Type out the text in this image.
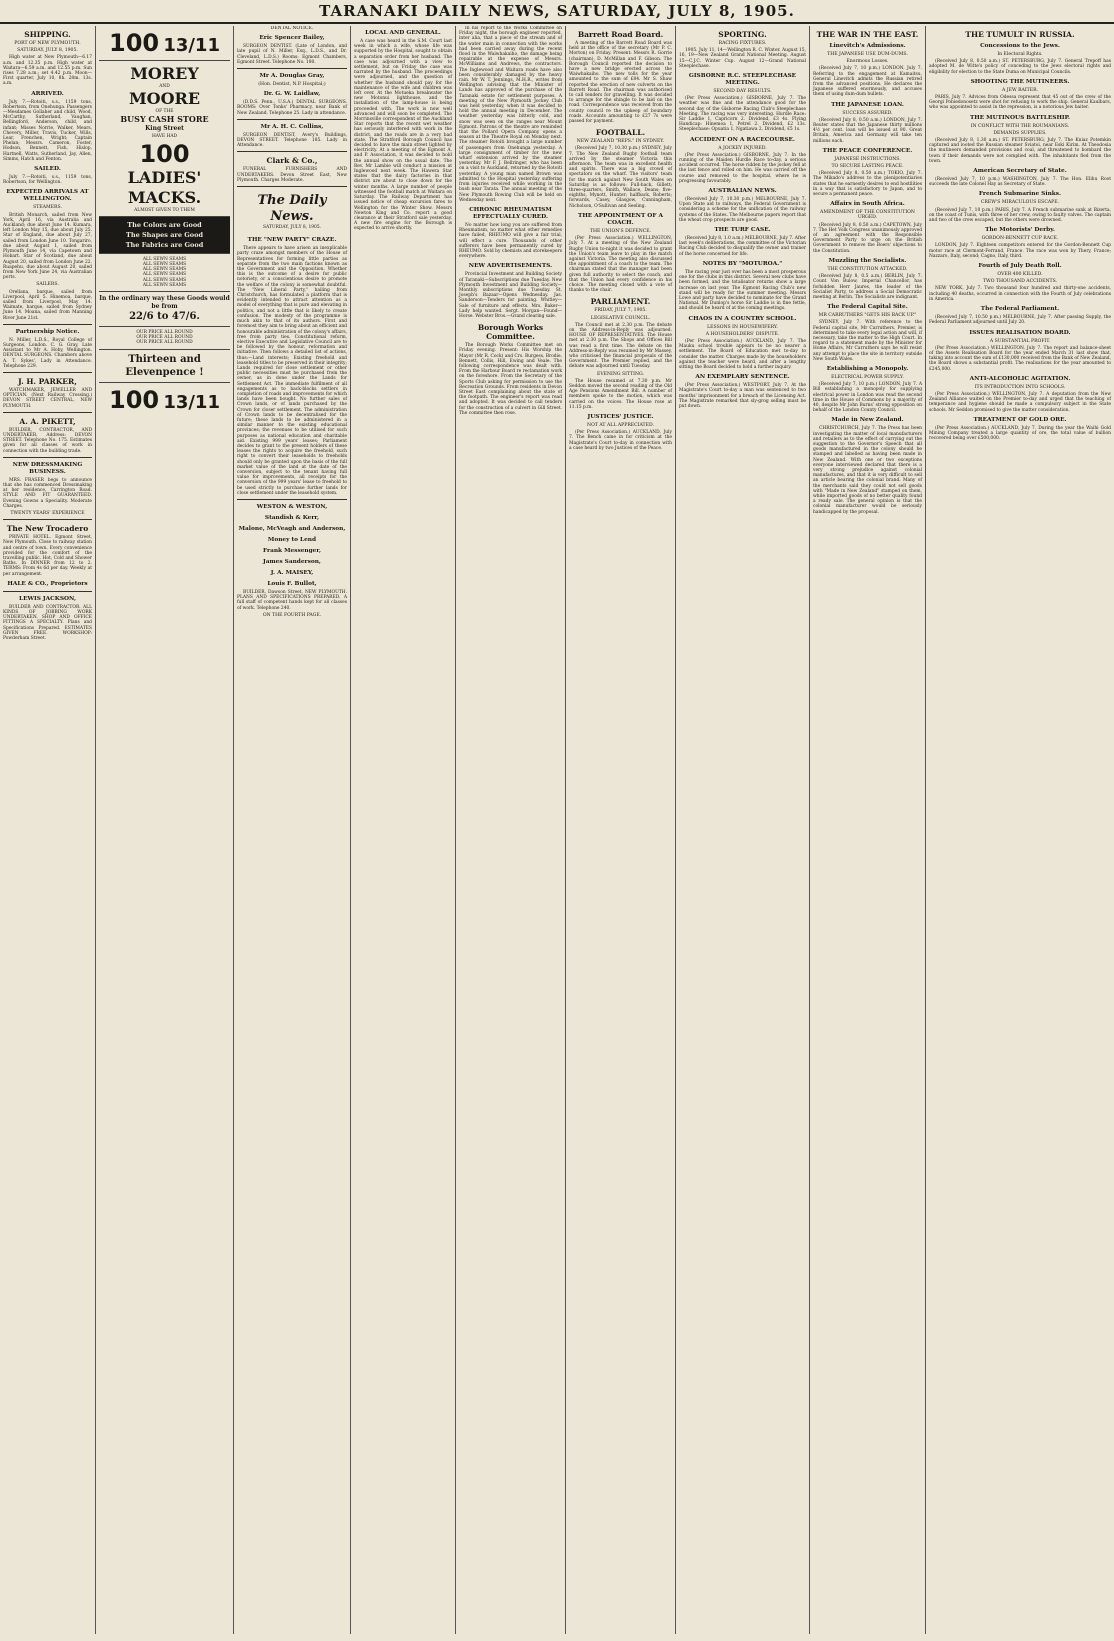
TARANAKI DAILY NEWS, SATURDAY, JULY 8, 1905.

SHIPPING.

PORT OF NEW PLYMOUTH.

SATURDAY, JULY 8, 1905.

High water at New Plymouth—6.17 a.m. and 12.35 p.m. High water at Waitara—6.59 a.m. and 12.55 p.m. Sun rises 7.28 a.m.; set 4.42 p.m. Moon—First quarter, July 10, 8h. 28m. 13s. a.m.

ARRIVED.

July 7.—Rotoiti, s.s., 1159 tons, Robertson, from Onehunga. Passengers—Mesdames Gollaher and child, Wood, McCarthy, Sutherland, Vaughan, Bellingford, Anderson, child, and infant; Misses Norrie, Walker, Mears, Chevery, Miller, Travis, Tucker, Wills, Lear, Frenchen, Wright; Captain Phelan; Messrs. Cameron, Foster, Hodson, Bennett, Fish, Hislop, Hartnell, Watts, Sutherland, Jay, Allen, Simms, Hatch and Fenton.

SAILED.

July 7.—Rotoiti, s.s., 1159 tons, Robertson, for Wellington.

EXPECTED ARRIVALS AT WELLINGTON.

STEAMERS.

British Monarch, sailed from New York, April 16, via Australia and Auckland; due about June 14. Kumara, left London May 15, due about July 25. Star of England, due about July 27, sailed from London June 10. Tongariro, due about August 1, sailed from Plymouth June 14, via Capetown and Hobart. Star of Scotland, due about August 20, sailed from London June 22. Ruapehu, due about August 20, sailed from New York June 24, via Australian ports.

SAILERS.

Orellana, barque, sailed from Liverpool, April 5. Hinemoa, barque, sailed from Liverpool, May 14. Waimate, barque, sailed from Sydney June 14. Moana, sailed from Manning River June 21st.

Partnership Notice.

N. Miller, L.D.S., Royal College of Surgeons, London. C. G. Gray, Late Assistant to Mr A. Hoby, Wellington. DENTAL SURGEONS. Chambers above A. T. Sykes', Lady in Attendance. Telephone 229.

J. H. PARKER,

WATCHMAKER, JEWELLER AND OPTICIAN. (Next Railway Crossing.) DEVON STREET CENTRAL, NEW PLYMOUTH.

A. A. PIKETT,

BUILDER, CONTRACTOR, AND UNDERTAKER. Address: DEVON STREET. Telephone No. 175. Estimates given for all classes of work in connection with the building trade.

NEW DRESSMAKING BUSINESS.

MRS. FRASER begs to announce that she has commenced Dressmaking at her residence, Carrington Road. STYLE AND FIT GUARANTEED. Evening Gowns a Speciality. Moderate Charges.

TWENTY YEARS' EXPERIENCE

The New Trocadero

PRIVATE HOTEL. Egmont Street, New Plymouth. Close to railway station and centre of town. Every convenience provided for the comfort of the travelling public. Hot, Cold and Shower Baths. In DINNER from 12 to 2. TERMS: From 4s 6d per day. Weekly at per arrangement.

HALE & CO., Proprietors

LEWIS JACKSON,

BUILDER AND CONTRACTOR. ALL KINDS OF JOBBING WORK UNDERTAKEN. SHOP AND OFFICE FITTINGS A SPECIALTY. Plans and Specifications Prepared. ESTIMATES GIVEN FREE. WORKSHOP: Powderham Street.

100 13/11
MOREY
AND
MOORE
OF THE
BUSY CASH STORE
King Street
HAVE HAD
100
LADIES'
MACKS.
ALMOST GIVEN TO THEM
The Colors are Good
The Shapes are Good
The Fabrics are Good
ALL SEWN SEAMS
ALL SEWN SEAMS
ALL SEWN SEAMS
ALL SEWN SEAMS
ALL SEWN SEAMS
ALL SEWN SEAMS
In the ordinary way these Goods would be from
22/6 to 47/6.
OUR PRICE ALL ROUND
OUR PRICE ALL ROUND
OUR PRICE ALL ROUND
Thirteen and Elevenpence !
100 13/11

DENTAL NOTICE.

Eric Spencer Bailey,

SURGEON DENTIST. (Late of London, and late pupil of N. Miller, Esq., L.D.S., and Dr. Cleveland, L.D.S.) Rooms: Egmont Chambers, Egmont Street. Telephone No. 180.

Mr A. Douglas Gray,

(Hon. Dentist, N.P. Hospital;)

Dr. G. W. Laidlaw,

(D.D.S. Penn., U.S.A.) DENTAL SURGEONS. ROOMS: Over Tonks' Pharmacy, near Bank of New Zealand. Telephone 25. Lady in attendance.

Mr A. H. C. Collins,

SURGEON DENTIST, Avery's Buildings, DEVON STREET. Telephone 185. Lady in Attendance.

Clark & Co.,

FUNERAL FURNISHERS AND UNDERTAKERS. Devon Street East, New Plymouth. Charges Moderate.

The Daily News.
SATURDAY, JULY 8, 1905.

THE "NEW PARTY" CRAZE.

There appears to have arisen an inexplicable party craze amongst members of the House of Representatives for forming little parties as separate from the two main factions known as the Government and the Opposition. Whether this is the outcome of a desire for public notoriety, or a conscientious desire to promote the welfare of the colony is somewhat doubtful. The "New Liberal Party," hailing from Christchurch, has formulated a platform that is evidently intended to attract attention as a model of everything that is pure and elevating in politics, and not a little that is likely to create confusion. The modesty of the programme is much akin to that of its authors. First and foremost they aim to bring about an efficient and honourable administration of the colony's affairs, free from party ties. Constitutional reform, elective Executive and Legislative Council are to be followed by the honour, reformation and initiative. Then follows a detailed list of actions, thus:—Land interests; Existing freehold and leasehold titles to be preserved in their integrity; Lands required for close settlement or other public necessities must be purchased from the owner, as in done under the Lands for Settlement Act. The immediate fulfilment of all engagements as to back-blocks settlers in completion of roads and improvements for which lands have been bought. No further sales of Crown lands, or of lands purchased by the Crown for closer settlement. The administration of Crown lands to be decentralised for the future; these lands to be administered in a similar manner to the existing educational provinces; the revenues to be utilised for such purposes as national education and charitable aid. Existing 999 years' leases; Parliament decides to grant to the present holders of these leases the rights to acquire the freehold, such right to convert their leaseholds to freeholds should only be granted upon the basis of the full market value of the land at the date of the conversion, subject to the tenant having full value for improvements, all receipts for the conversion of the 999 years' lease to freehold to be used strictly to purchase further lands for close settlement under the leasehold system.

WESTON & WESTON,

Standish & Kerr,

Malone, McVeagh and Anderson,

Money to Lend

Frank Messenger,

James Sanderson,

J. A. MAISEY,

Louis F. Bullot,

BUILDER, Dawson Street, NEW PLYMOUTH. PLANS AND SPECIFICATIONS PREPARED. A full staff of competent hands kept for all classes of work. Telephone 240.

ON THE FOURTH PAGE.

LOCAL AND GENERAL.

A case was heard in the S.M. Court last week in which a wife, whose life was supported by the Hospital, sought to obtain a separation order from her husband. The case was adjourned with a view to settlement, but on Friday the case was narrated by the husband. The proceedings were adjourned, and the question of whether the husband should pay for the maintenance of the wife and children was left over. At the Motueka breakwater the new Motonui lighthouse, and the installation of the lamp-house is being proceeded with. The work is now well advanced and will soon be completed. The Morrinsville correspondent of the Auckland Star reports that the recent wet weather has seriously interfered with work in the district, and the roads are in a very bad state. The Stratford Borough Council has decided to have the main street lighted by electricity. At a meeting of the Egmont A. and P. Association, it was decided to hold the annual show on the usual date. The Rev. Mr Lambie will conduct a mission at Inglewood next week. The Hawera Star states that the dairy factories in that district are about to close down for the winter months. A large number of people witnessed the football match at Waitara on Saturday. The Railway Department has issued notice of cheap excursion fares to Wellington for the Winter Show. Messrs Newton King and Co. report a good clearance at their Stratford sale yesterday. A new fire engine for the Borough is expected to arrive shortly.

In his report to the Works Committee on Friday night, the borough engineer reported, inter alia, that a piece of the stream and of the water main in connection with the works had been carried away during the recent flood in the Waiwhakaiho, the damage being repairable at the expense of Messrs. McWilliams and Andrews, the contractors. The Inglewood and Waitara roads have also been considerably damaged by the heavy rain. Mr W. T. Jennings, M.H.R., writes from Wellington advising that the Minister of Lands has approved of the purchase of the Taranaki estate for settlement purposes. A meeting of the New Plymouth Jockey Club was held yesterday, when it was decided to hold the annual meeting in December. The weather yesterday was bitterly cold, and snow was seen on the ranges near Mount Egmont. Patrons of the theatre are reminded that the Pollard Opera Company opens a season at the Theatre Royal on Monday next. The steamer Rotoiti brought a large number of passengers from Onehunga yesterday. A large consignment of timber for the new wharf extension arrived by the steamer yesterday. Mr F. J. Bellringer, who has been on a visit to Auckland, returned by the Rotoiti yesterday. A young man named Brown was admitted to the Hospital yesterday suffering from injuries received while working in the bush near Tarata. The annual meeting of the New Plymouth Rowing Club will be held on Wednesday next.

CHRONIC RHEUMATISM EFFECTUALLY CURED.

No matter how long you are suffered from Rheumatism, no matter what other remedies have failed, RHEUMO will give a fair trial, will effect a cure. Thousands of other sufferers have been permanently cured by RHEUMO. Sold by chemists and storekeepers everywhere.

NEW ADVERTISEMENTS.

Provincial Investment and Building Society of Taranaki—Subscriptions due Tuesday. New Plymouth Investment and Building Society—Monthly subscriptions due Tuesday. St. Joseph's Bazaar—Opens Wednesday. Jas. Sanderson—Tenders for painting. Whitley—Sale of furniture and effects. Mrs. Baker—Lady help wanted. Sergt. Morgan—Found—Horse. Webster Bros.—Grand clearing sale.

Borough Works Committee.

The Borough Works Committee met on Friday evening. Present: His Worship the Mayor (Mr R. Cock) and Crs. Burgess, Brodie, Bennett, Collis, Hill, Ewing and Veale. The following correspondence was dealt with. From the Harbour Board re reclamation work on the foreshore. From the Secretary of the Sports Club asking for permission to use the Recreation Grounds. From residents in Devon Street East complaining about the state of the footpath. The engineer's report was read and adopted. It was decided to call tenders for the construction of a culvert in Gill Street. The committee then rose.

Barrett Road Board.

A meeting of the Barrett Road Board was held at the office of the secretary (Mr P. C. Morton) on Friday. Present: Messrs R. Gorrie (chairman), D. McMillan and F. Gibson. The Borough Council reported the decision to have a new bridge erected across the Waiwhakaiho. The new tolls for the year amounted to the sum of £84. Mr S. Shaw reported the erection of new culverts on the Barrett Road. The chairman was authorised to call tenders for gravelling. It was decided to arrange for the shingle to be laid on the road. Correspondence was received from the county council re the upkeep of boundary roads. Accounts amounting to £27 7s were passed for payment.

FOOTBALL.

NEW ZEALAND "REPS." IN SYDNEY.

(Received July 7, 10.30 p.m.) SYDNEY, July 7. The New Zealand Rugby football team arrived by the steamer Victoria this afternoon. The team was in excellent health and spirits. There was a big crowd of spectators on the wharf. The visitors' team for the match against New South Wales on Saturday is as follows: Full-back, Gillett; three-quarters, Smith, Wallace, Deans; five-eighths, Mynott, Hunter; halfback, Roberts; forwards, Casey, Glasgow, Cunningham, Nicholson, O'Sullivan and Seeling.

THE APPOINTMENT OF A COACH.

THE UNION'S DEFENCE.

(Per Press Association.) WELLINGTON, July 7. At a meeting of the New Zealand Rugby Union to-night it was decided to grant the Union's team leave to play in the match against Victoria. The meeting also discussed the appointment of a coach to the team. The chairman stated that the manager had been given full authority to select the coach, and that the Union had every confidence in his choice. The meeting closed with a vote of thanks to the chair.

PARLIAMENT.

FRIDAY, JULY 7, 1905.

LEGISLATIVE COUNCIL.

The Council met at 2.30 p.m. The debate on the Address-in-Reply was adjourned. HOUSE OF REPRESENTATIVES. The House met at 2.30 p.m. The Shops and Offices Bill was read a first time. The debate on the Address-in-Reply was resumed by Mr Massey, who criticised the financial proposals of the Government. The Premier replied, and the debate was adjourned until Tuesday.

EVENING SITTING.

The House resumed at 7.30 p.m. Mr Seddon moved the second reading of the Old Age Pensions Amendment Bill. A number of members spoke to the motion, which was carried on the voices. The House rose at 11.15 p.m.

JUSTICES' JUSTICE.

NOT AT ALL APPRECIATED.

(Per Press Association.) AUCKLAND, July 7. The Bench came in for criticism at the Magistrate's Court to-day in connection with a case heard by two Justices of the Peace.

SPORTING.

RACING FIXTURES.

1905. July 11, 14—Wellington R. C. Winter. August 15, 16, 19—New Zealand Grand National Meeting. August 15—C.J.C. Winter Cup. August 12—Grand National Steeplechase.

GISBORNE R.C. STEEPLECHASE MEETING.

SECOND DAY RESULTS.

(Per Press Association.) GISBORNE, July 7. The weather was fine and the attendance good for the second day of the Gisborne Racing Club's Steeplechase Meeting. The racing was very interesting. Hurdle Race: Sir Laddie 1, Capricorn 2. Dividend, £3 4s. Flying Handicap: Hinemoa 1, Petrel 2. Dividend, £2 13s. Steeplechase: Opuatia 1, Ngatiawa 2. Dividend, £5 1s.

ACCIDENT ON A RACECOURSE.

A JOCKEY INJURED.

(Per Press Association.) GISBORNE, July 7. In the running of the Maiden Hurdle Race to-day, a serious accident occurred. The horse ridden by the jockey fell at the last fence and rolled on him. He was carried off the course and removed to the hospital, where he is progressing favourably.

AUSTRALIAN NEWS.

(Received July 7, 10.30 p.m.) MELBOURNE, July 7. Upon State aid to railways, the Federal Government is considering a scheme for the unification of the railway systems of the States. The Melbourne papers report that the wheat crop prospects are good.

THE TURF CASE.

(Received July 8, 1.0 a.m.) MELBOURNE, July 7. After last week's deliberations, the committee of the Victorian Racing Club decided to disqualify the owner and trainer of the horse concerned for life.

NOTES BY "MOTUROA."

The racing year just over has been a most prosperous one for the clubs in this district. Several new clubs have been formed, and the totalisator returns show a large increase on last year. The Egmont Racing Club's new stand will be ready for the summer meeting. Messrs Lowe and party have decided to nominate for the Grand National. Mr Dunlop's horse Sir Laddie is in fine fettle, and should be heard of at the coming meetings.

CHAOS IN A COUNTRY SCHOOL.

LESSONS IN HOUSEWIFERY.

A HOUSEHOLDERS' DISPUTE.

(Per Press Association.) AUCKLAND, July 7. The Mauku school trouble appears to be no nearer a settlement. The Board of Education met to-day to consider the matter. Charges made by the householders against the teacher were heard, and after a lengthy sitting the Board decided to hold a further inquiry.

AN EXEMPLARY SENTENCE.

(Per Press Association.) WESTPORT, July 7. At the Magistrate's Court to-day a man was sentenced to two months' imprisonment for a breach of the Licensing Act. The Magistrate remarked that sly-grog selling must be put down.

THE WAR IN THE EAST.

Linevitch's Admissions.

THE JAPANESE USE DUM-DUMS.

Enormous Losses.

(Received July 7, 10 p.m.) LONDON, July 7. Referring to the engagement at Kamaitsu, General Linevitch admits the Russian retired from the advanced positions. He declares the Japanese suffered enormously, and accuses them of using dum-dum bullets.

THE JAPANESE LOAN.

SUCCESS ASSURED.

(Received July 8, 0.50 a.m.) LONDON, July 7. Reuter states that the Japanese thirty millions 4½ per cent. loan will be issued at 90. Great Britain, America and Germany will take ten millions each.

THE PEACE CONFERENCE.

JAPANESE INSTRUCTIONS.

TO SECURE LASTING PEACE.

(Received July 8, 0.50 a.m.) TOKIO, July 7. The Mikado's address to the plenipotentiaries states that he earnestly desires to end hostilities in a way that is satisfactory to Japan, and to secure a permanent peace.

Affairs in South Africa.

AMENDMENT OF THE CONSTITUTION URGED.

(Received July 8, 0.50 a.m.) CAPETOWN, July 7. The Het Volk Congress unanimously approved of an agreement with the Responsible Government Party to urge on the British Government to remove the Boers' objections to the Constitution.

Muzzling the Socialists.

THE CONSTITUTION ATTACKED.

(Received July 8, 0.5 a.m.) BERLIN, July 7. Count Von Bulow, Imperial Chancellor, has forbidden Herr Jaures, the leader of the Socialist Party, to address a Social Democratic meeting at Berlin. The Socialists are indignant.

The Federal Capital Site.

MR CARRUTHERS "GETS HIS BACK UP."

SYDNEY, July 7. With reference to the Federal capital site, Mr Carruthers, Premier, is determined to take every legal action and will, if necessary, take the matter to the High Court. In regard to a statement made by the Minister for Home Affairs, Mr Carruthers says he will resist any attempt to place the site in territory outside New South Wales.

Establishing a Monopoly.

ELECTRICAL POWER SUPPLY.

(Received July 7, 10 p.m.) LONDON, July 7. A Bill establishing a monopoly for supplying electrical power in London was read the second time in the House of Commons by a majority of 40, despite Mr John Burns' strong opposition on behalf of the London County Council.

Made in New Zealand.

CHRISTCHURCH, July 7. The Press has been investigating the matter of local manufacturers and retailers as to the effect of carrying out the suggestion to the Governor's Speech that all goods manufactured in the colony should be stamped and labelled as having been made in New Zealand. With one or two exceptions everyone interviewed declared that there is a very strong prejudice against colonial manufactures, and that it is very difficult to sell an article bearing the colonial brand. Many of the merchants said they could not sell goods with "Made in New Zealand" stamped on them, while imported goods of no better quality found a ready sale. The general opinion is that the colonial manufacturer would be seriously handicapped by the proposal.

THE TUMULT IN RUSSIA.

Concessions to the Jews.

In Electoral Rights.

(Received July 8, 0.50 a.m.) ST. PETERSBURG, July 7. General Trepoff has adopted M. de Witte's policy of conceding to the Jews electoral rights and eligibility for election to the State Duma on Municipal Councils.

SHOOTING THE MUTINEERS.

A JEW BAITER.

PARIS, July 7. Advices from Odessa represent that 45 out of the crew of the Georgi Pobiedonosetz were shot for refusing to work the ship. General Kaulbars, who was appointed to assist in the repression, is a notorious Jew baiter.

THE MUTINOUS BATTLESHIP.

IN CONFLICT WITH THE ROUMANIANS.

DEMANDS SUPPLIES.

(Received July 8, 1.30 a.m.) ST. PETERSBURG, July 7. The Kniaz Potemkin captured and looted the Russian steamer Sviatoi, near Eski Kirim. At Theodosia the mutineers demanded provisions and coal, and threatened to bombard the town if their demands were not complied with. The inhabitants fled from the town.

American Secretary of State.

(Received July 7, 10 p.m.) WASHINGTON, July 7. The Hon. Elihu Root succeeds the late Colonel Hay as Secretary of State.

French Submarine Sinks.

CREW'S MIRACULOUS ESCAPE.

(Received July 7, 10 p.m.) PARIS, July 7. A French submarine sank at Bizerta, on the coast of Tunis, with three of her crew, owing to faulty valves. The captain and two of the crew escaped, but the others were drowned.

The Motorists' Derby.

GORDON-BENNETT CUP RACE.

LONDON, July 7. Eighteen competitors entered for the Gordon-Bennett Cup motor race at Clermont-Ferrand, France. The race was won by Thery, France; Nazzaro, Italy, second; Cagno, Italy, third.

Fourth of July Death Roll.

OVER 400 KILLED.

TWO THOUSAND ACCIDENTS.

NEW YORK, July 7. Two thousand four hundred and thirty-one accidents, including 40 deaths, occurred in connection with the Fourth of July celebrations in America.

The Federal Parliament.

(Received July 7, 10.50 p.m.) MELBOURNE, July 7. After passing Supply, the Federal Parliament adjourned until July 20.

ISSUES REALISATION BOARD.

A SUBSTANTIAL PROFIT.

(Per Press Association.) WELLINGTON, July 7. The report and balance-sheet of the Assets Realisation Board for the year ended March 31 last show that, taking into account the sum of £130,000 received from the Bank of New Zealand, the Board shows a substantial profit. The realisations for the year amounted to £245,000.

ANTI-ALCOHOLIC AGITATION.

ITS INTRODUCTION INTO SCHOOLS.

(Per Press Association.) WELLINGTON, July 7. A deputation from the New Zealand Alliance waited on the Premier to-day and urged that the teaching of temperance and hygiene should be made a compulsory subject in the State schools. Mr Seddon promised to give the matter consideration.

TREATMENT OF GOLD ORE.

(Per Press Association.) AUCKLAND, July 7. During the year the Waihi Gold Mining Company treated a large quantity of ore, the total value of bullion recovered being over £500,000.
